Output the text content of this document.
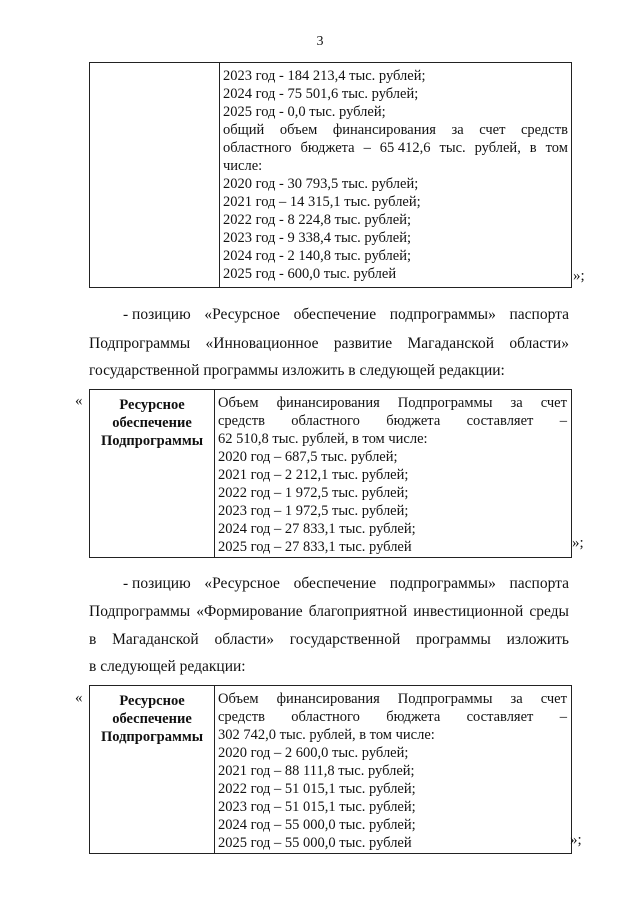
3
2023 год - 184 213,4 тыс. рублей;
2024 год - 75 501,6 тыс. рублей;
2025 год - 0,0 тыс. рублей;
общий объем финансирования за счет средств
областного бюджета – 65 412,6 тыс. рублей, в том
числе:
2020 год - 30 793,5 тыс. рублей;
2021 год – 14 315,1 тыс. рублей;
2022 год - 8 224,8 тыс. рублей;
2023 год - 9 338,4 тыс. рублей;
2024 год - 2 140,8 тыс. рублей;
2025 год - 600,0 тыс. рублей	»;
- позицию «Ресурсное обеспечение подпрограммы» паспорта
Подпрограммы «Инновационное развитие Магаданской области»
государственной программы изложить в следующей редакции:
«	Ресурсное
обеспечение
Подпрограммы
Объем финансирования Подпрограммы за счет
средств областного бюджета составляет –
62 510,8 тыс. рублей, в том числе:
2020 год – 687,5 тыс. рублей;
2021 год – 2 212,1 тыс. рублей;
2022 год – 1 972,5 тыс. рублей;
2023 год – 1 972,5 тыс. рублей;
2024 год – 27 833,1 тыс. рублей;
2025 год – 27 833,1 тыс. рублей	»;
- позицию «Ресурсное обеспечение подпрограммы» паспорта
Подпрограммы «Формирование благоприятной инвестиционной среды
в Магаданской области» государственной программы изложить
в следующей редакции:
«	Ресурсное
обеспечение
Подпрограммы
Объем финансирования Подпрограммы за счет
средств областного бюджета составляет –
302 742,0 тыс. рублей, в том числе:
2020 год – 2 600,0 тыс. рублей;
2021 год – 88 111,8 тыс. рублей;
2022 год – 51 015,1 тыс. рублей;
2023 год – 51 015,1 тыс. рублей;
2024 год – 55 000,0 тыс. рублей;
2025 год – 55 000,0 тыс. рублей	»;
